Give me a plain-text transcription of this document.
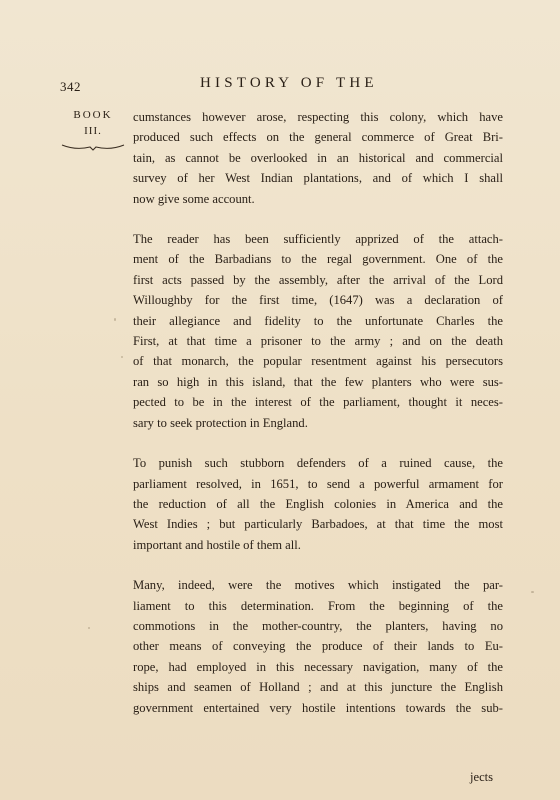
342	HISTORY OF THE
BOOK
III.
cumstances however arose, respecting this colony, which have
produced such effects on the general commerce of Great Bri-
tain, as cannot be overlooked in an historical and commercial
survey of her West Indian plantations, and of which I shall
now give some account.
The reader has been sufficiently apprized of the attach-
ment of the Barbadians to the regal government. One of the
first acts passed by the assembly, after the arrival of the Lord
Willoughby for the first time, (1647) was a declaration of
their allegiance and fidelity to the unfortunate Charles the
First, at that time a prisoner to the army ; and on the death
of that monarch, the popular resentment against his persecutors
ran so high in this island, that the few planters who were sus-
pected to be in the interest of the parliament, thought it neces-
sary to seek protection in England.
To punish such stubborn defenders of a ruined cause, the
parliament resolved, in 1651, to send a powerful armament for
the reduction of all the English colonies in America and the
West Indies ; but particularly Barbadoes, at that time the most
important and hostile of them all.
Many, indeed, were the motives which instigated the par-
liament to this determination. From the beginning of the
commotions in the mother-country, the planters, having no
other means of conveying the produce of their lands to Eu-
rope, had employed in this necessary navigation, many of the
ships and seamen of Holland ; and at this juncture the English
government entertained very hostile intentions towards the sub-
jects
